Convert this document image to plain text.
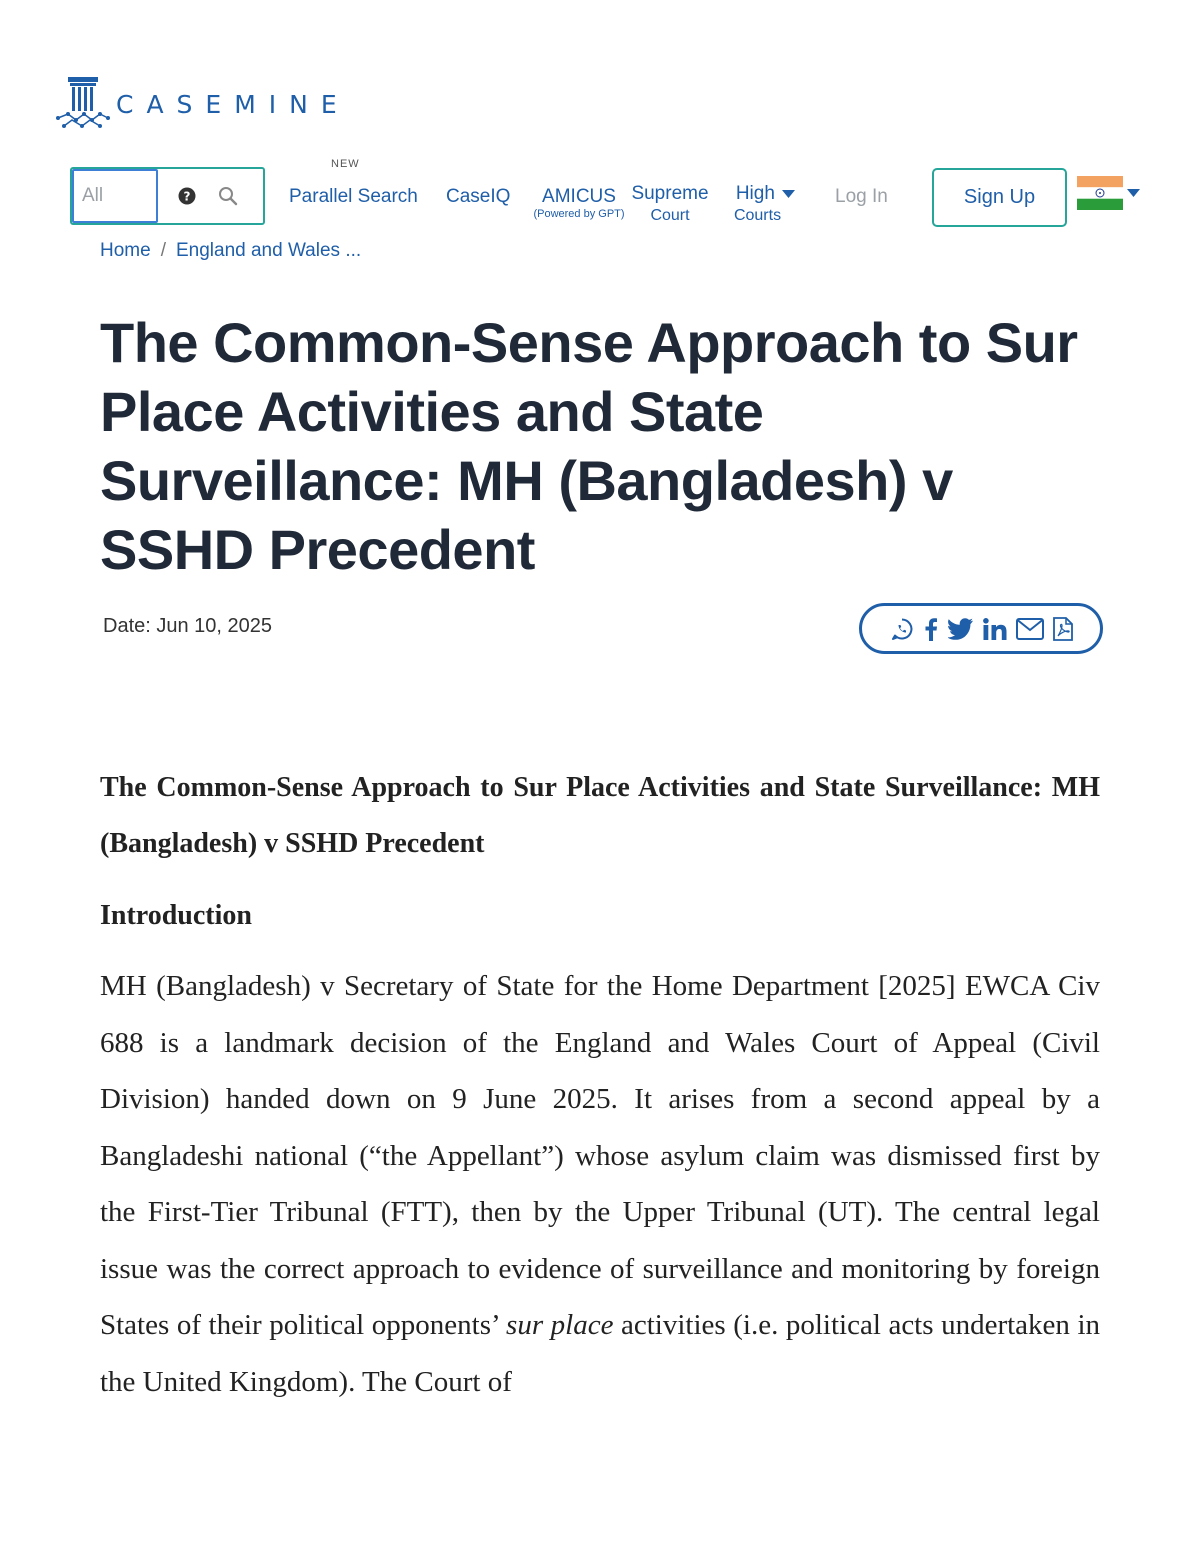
CASEMINE
All
?
NEW
Parallel Search CaseIQ	AMICUS
(Powered by GPT)
Supreme
Court
High
Courts
Log In	Sign Up
Home / England and Wales ...
The Common-Sense Approach to Sur Place Activities and State Surveillance: MH (Bangladesh) v SSHD Precedent
Date: Jun 10, 2025
The Common-Sense Approach to Sur Place Activities and State Surveillance: MH (Bangladesh) v SSHD Precedent
Introduction

MH (Bangladesh) v Secretary of State for the Home Department [2025] EWCA Civ 688 is a landmark decision of the England and Wales Court of Appeal (Civil Division) handed down on 9 June 2025. It arises from a second appeal by a Bangladeshi national (“the Appellant”) whose asylum claim was dismissed first by the First-Tier Tribunal (FTT), then by the Upper Tribunal (UT). The central legal issue was the correct approach to evidence of surveillance and monitoring by foreign States of their political opponents’ sur place activities (i.e. political acts undertaken in the United Kingdom). The Court of
